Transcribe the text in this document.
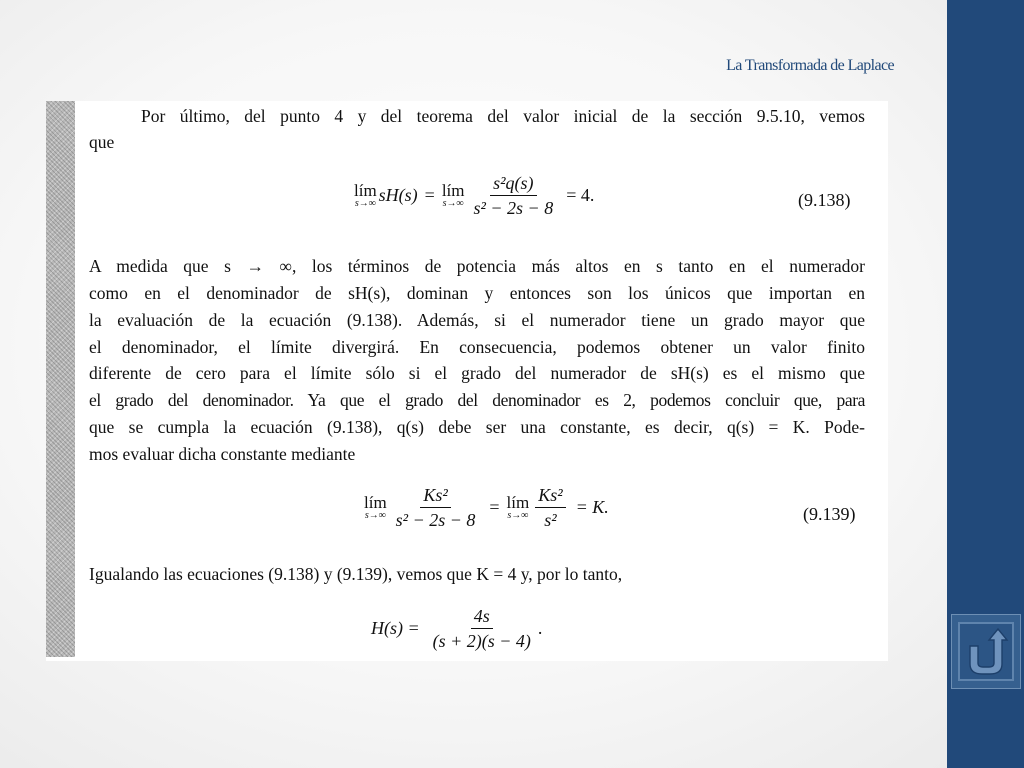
La Transformada de Laplace
Por último, del punto 4 y del teorema del valor inicial de la sección 9.5.10, vemos
que
lím
s→∞ sH(s) = lím
$s\to\infty \frac{\text{s²q(s)}}{\text{s² − 2s − 8}} = 4$.	(9.138)
A medida que s → ∞, los términos de potencia más altos en s tanto en el numerador
como en el denominador de sH(s), dominan y entonces son los únicos que importan en
la evaluación de la ecuación (9.138). Además, si el numerador tiene un grado mayor que
el denominador, el límite divergirá. En consecuencia, podemos obtener un valor finito
diferente de cero para el límite sólo si el grado del numerador de sH(s) es el mismo que
el grado del denominador. Ya que el grado del denominador es 2, podemos concluir que, para
que se cumpla la ecuación (9.138), q(s) debe ser una constante, es decir, q(s) = K. Pode-
mos evaluar dicha constante mediante
lím
$s\to\infty \frac{\text{Ks²}}{\text{s² − 2s − 8}}$ = lím
$s\to\infty \frac{\text{Ks²}}{\text{s²}} = K$.	(9.139)
Igualando las ecuaciones (9.138) y (9.139), vemos que K = 4 y, por lo tanto,
$H(s) = \frac{4s}{(s + 2)(s - 4)}$ .
